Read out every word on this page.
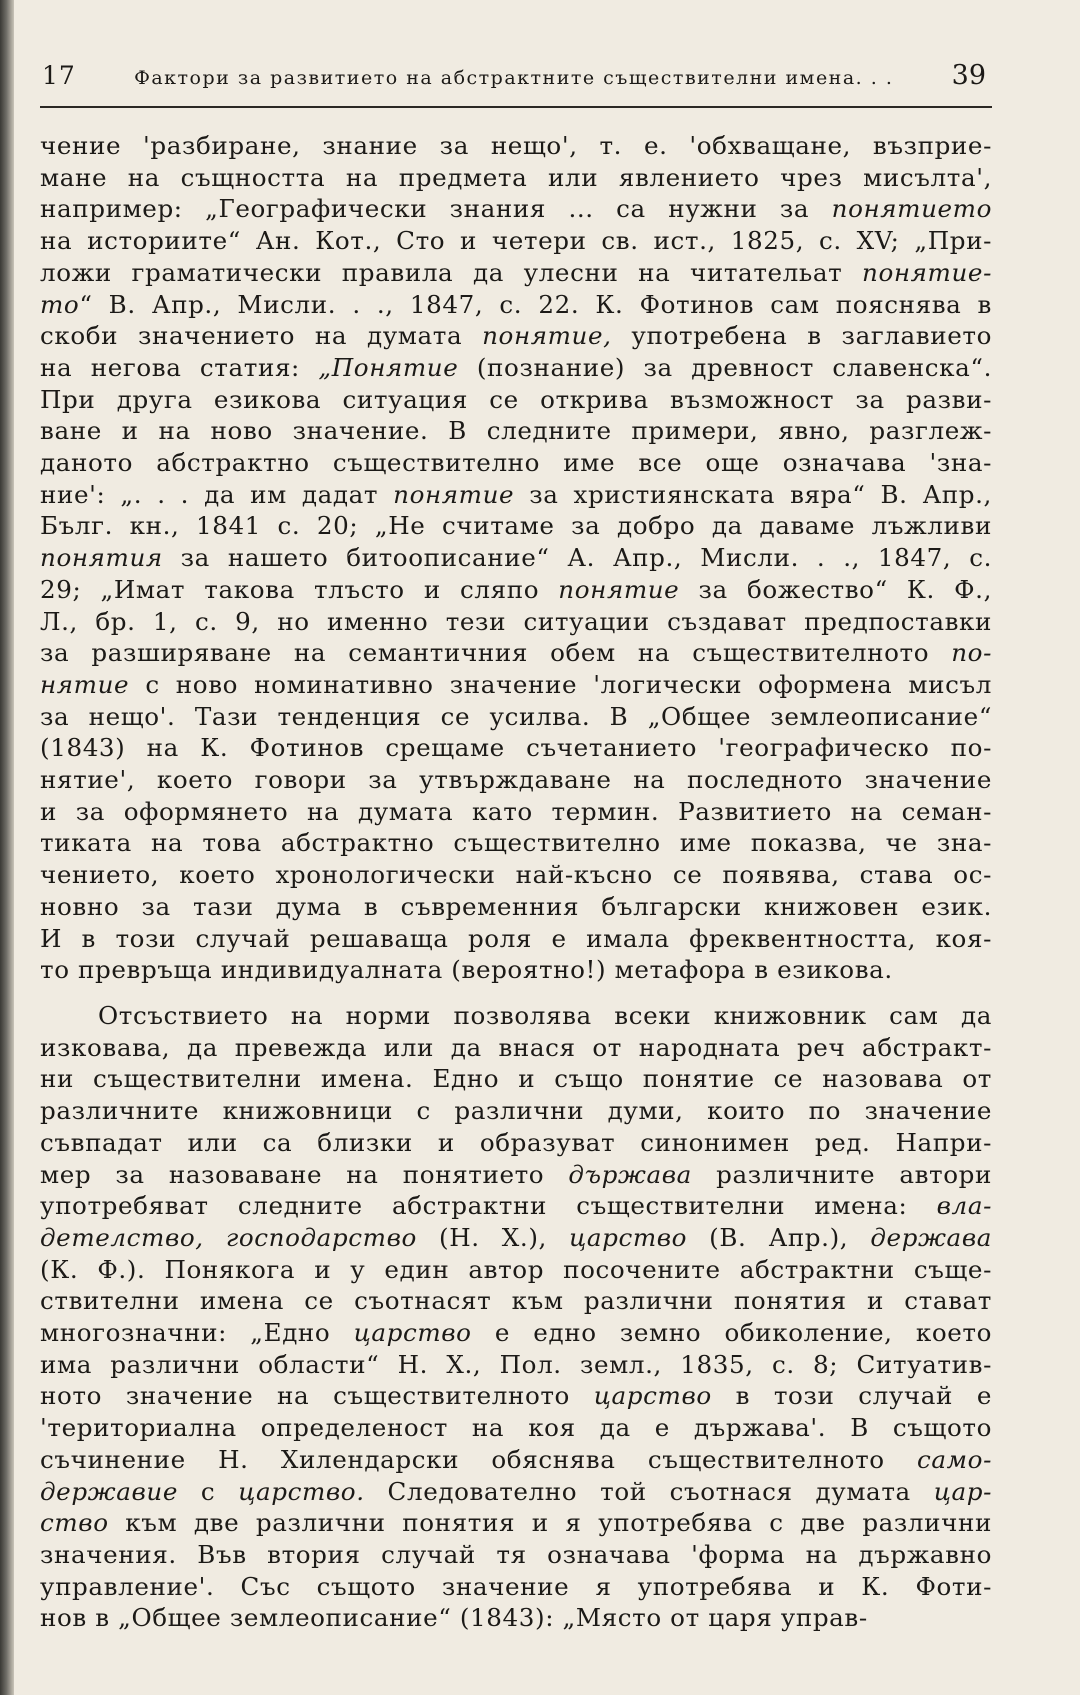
17	Фактори за развитието на абстрактните съществителни имена. . .	39
чение 'разбиране, знание за нещо', т. е. 'обхващане, възприе-
мане на същността на предмета или явлението чрез мисълта',
например: „Географически знания ... са нужни за понятието
на историите“ Ан. Кот., Сто и четери св. ист., 1825, с. XV; „При-
ложи граматически правила да улесни на читательат понятие-
то“ В. Апр., Мисли. . ., 1847, с. 22. К. Фотинов сам пояснява в
скоби значението на думата понятие, употребена в заглавието
на негова статия: „Понятие (познание) за древност славенска“.
При друга езикова ситуация се открива възможност за разви-
ване и на ново значение. В следните примери, явно, разглеж-
даното абстрактно съществително име все още означава 'зна-
ние': „. . . да им дадат понятие за християнската вяра“ В. Апр.,
Бълг. кн., 1841 с. 20; „Не считаме за добро да даваме лъжливи
понятия за нашето битоописание“ А. Апр., Мисли. . ., 1847, с.
29; „Имат такова тлъсто и сляпо понятие за божество“ К. Ф.,
Л., бр. 1, с. 9, но именно тези ситуации създават предпоставки
за разширяване на семантичния обем на съществителното по-
нятие с ново номинативно значение 'логически оформена мисъл
за нещо'. Тази тенденция се усилва. В „Общее землеописание“
(1843) на К. Фотинов срещаме съчетанието 'географическо по-
нятие', което говори за утвърждаване на последното значение
и за оформянето на думата като термин. Развитието на семан-
тиката на това абстрактно съществително име показва, че зна-
чението, което хронологически най-късно се появява, става ос-
новно за тази дума в съвременния български книжовен език.
И в този случай решаваща роля е имала фреквентността, коя-
то превръща индивидуалната (вероятно!) метафора в езикова.
Отсъствието на норми позволява всеки книжовник сам да
изковава, да превежда или да внася от народната реч абстракт-
ни съществителни имена. Едно и също понятие се назовава от
различните книжовници с различни думи, които по значение
съвпадат или са близки и образуват синонимен ред. Напри-
мер за назоваване на понятието държава различните автори
употребяват следните абстрактни съществителни имена: вла-
детелство, господарство (Н. Х.), царство (В. Апр.), держава
(К. Ф.). Понякога и у един автор посочените абстрактни съще-
ствителни имена се съотнасят към различни понятия и стават
многозначни: „Едно царство е едно земно обиколение, което
има различни области“ Н. Х., Пол. земл., 1835, с. 8; Ситуатив-
ното значение на съществителното царство в този случай е
'териториална определеност на коя да е държава'. В същото
съчинение Н. Хилендарски обяснява съществителното само-
державие с царство. Следователно той съотнася думата цар-
ство към две различни понятия и я употребява с две различни
значения. Във втория случай тя означава 'форма на държавно
управление'. Със същото значение я употребява и К. Фоти-
нов в „Общее землеописание“ (1843): „Място от царя управ-
